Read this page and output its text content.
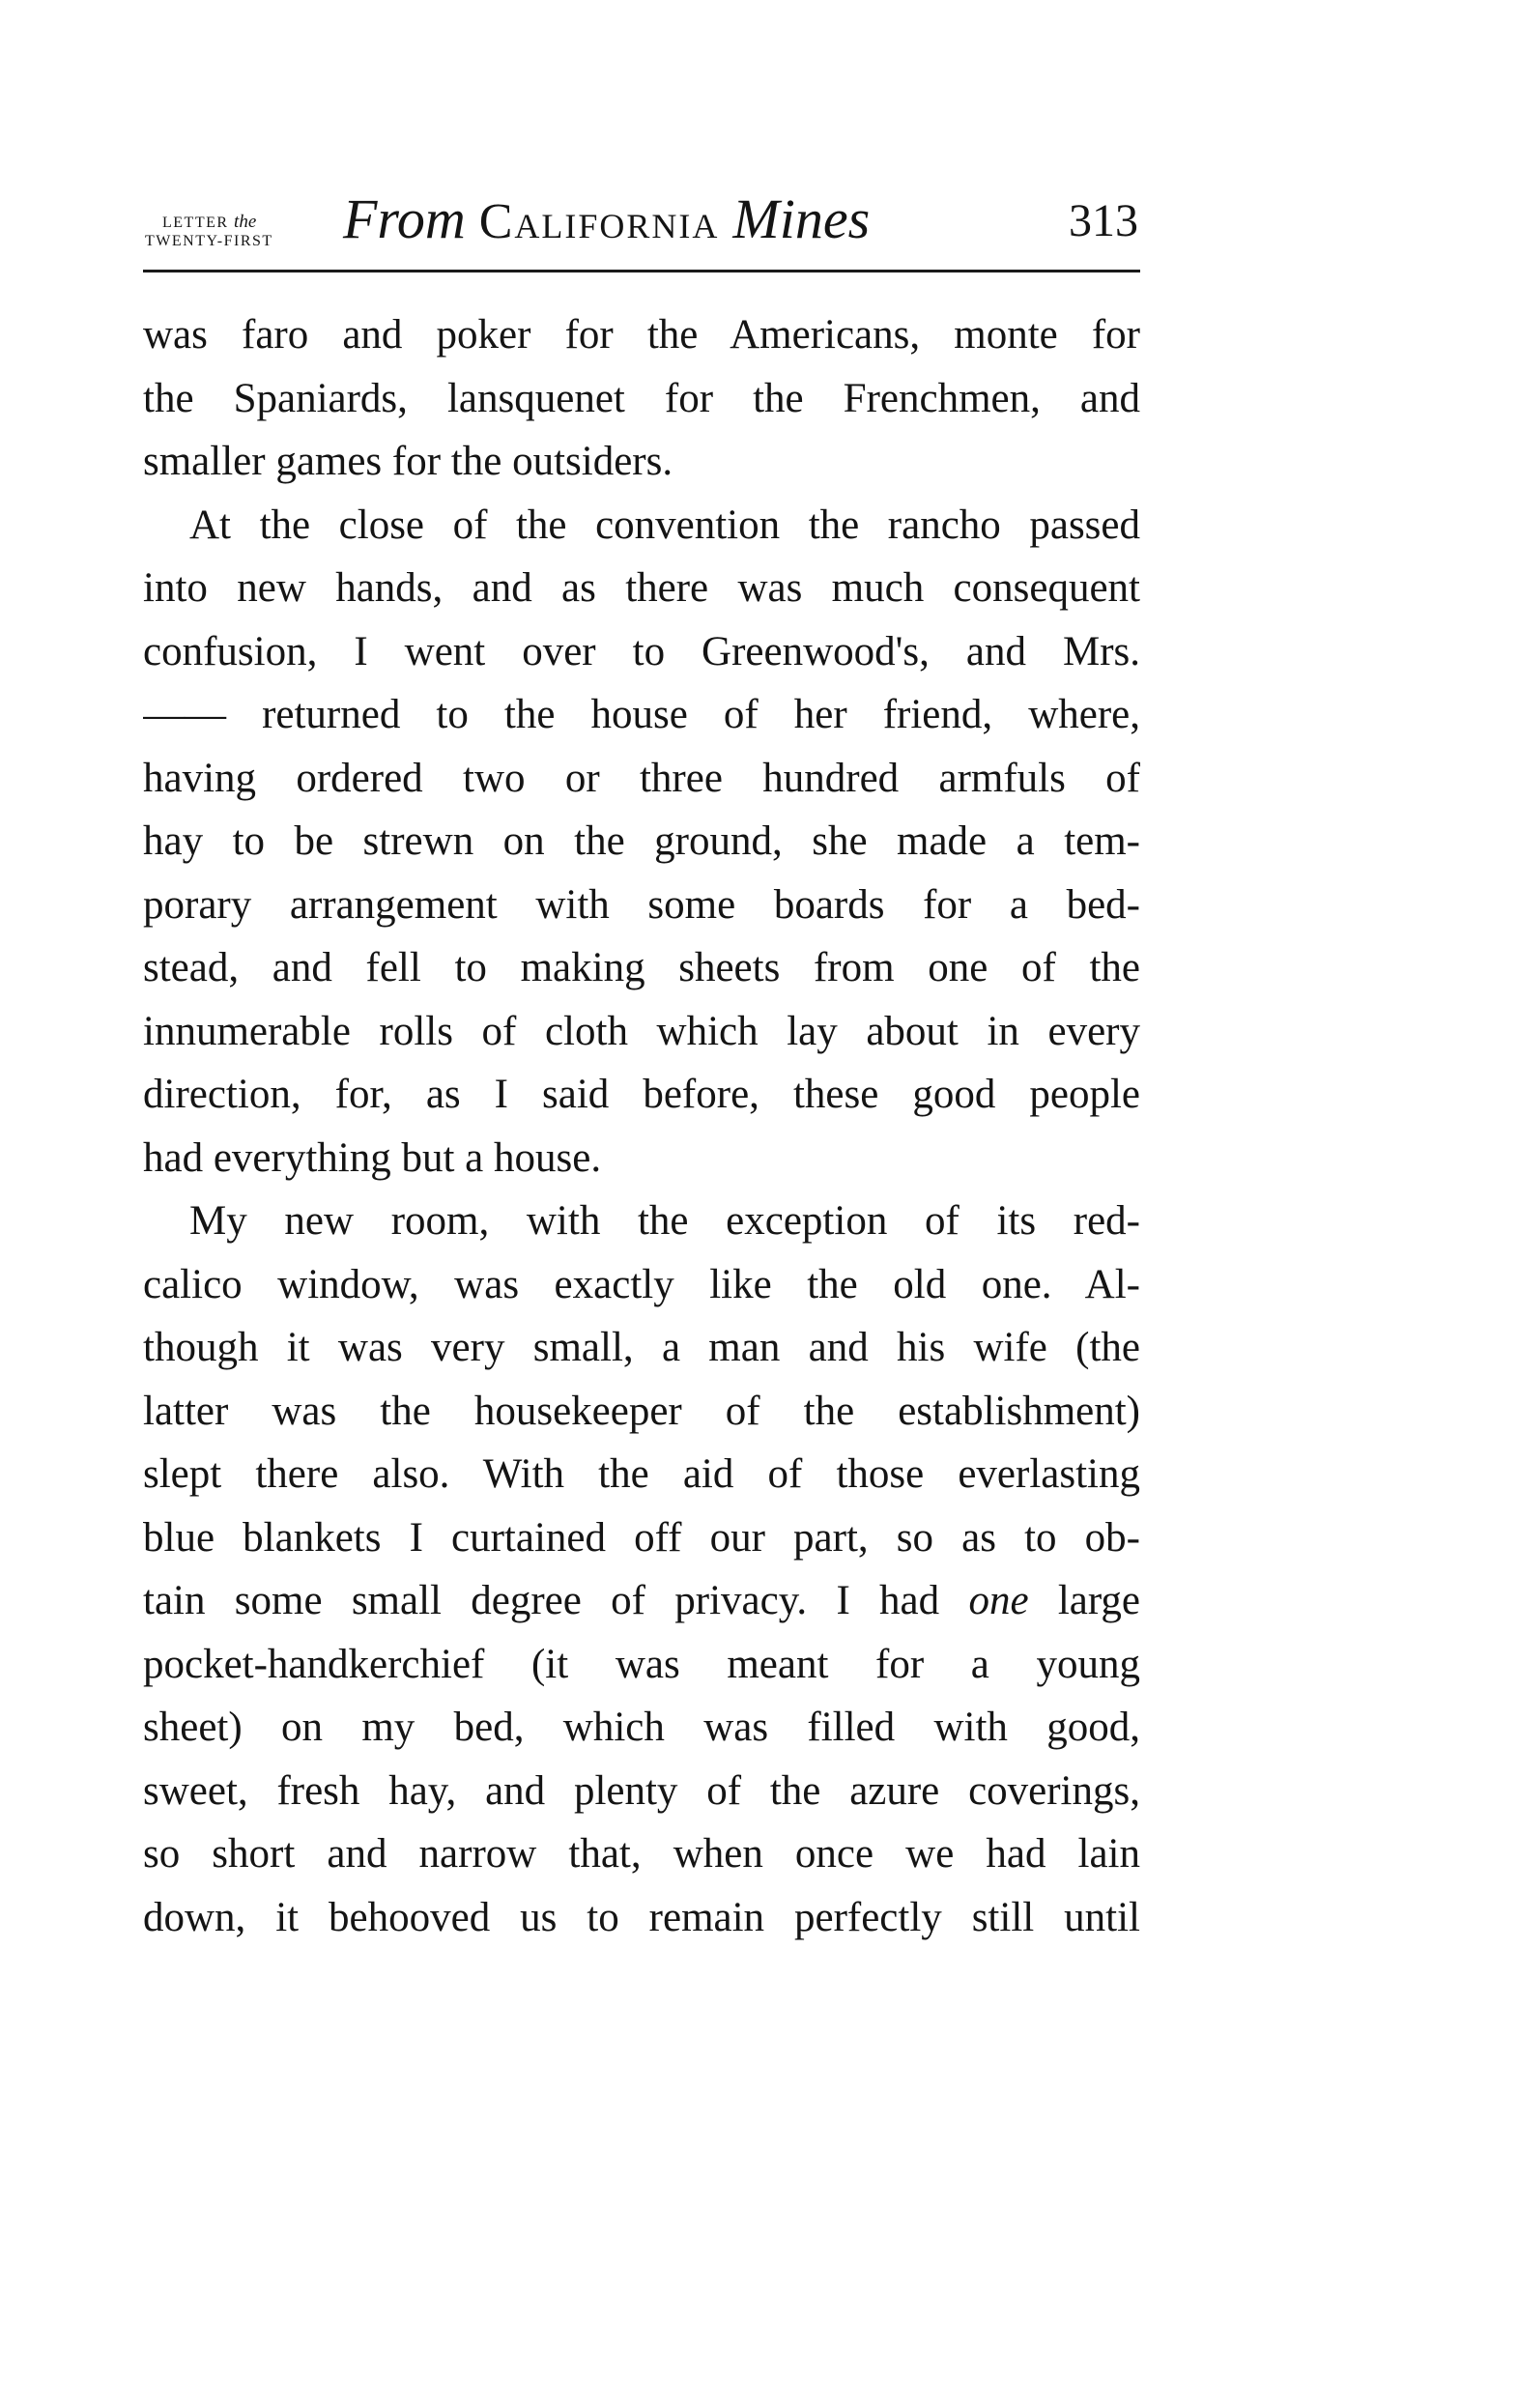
LETTER the
TWENTY-FIRST	From California Mines	313
was faro and poker for the Americans, monte for
the Spaniards, lansquenet for the Frenchmen, and
smaller games for the outsiders.
At the close of the convention the rancho passed
into new hands, and as there was much consequent
confusion, I went over to Greenwood's, and Mrs.
—— returned to the house of her friend, where,
having ordered two or three hundred armfuls of
hay to be strewn on the ground, she made a tem-
porary arrangement with some boards for a bed-
stead, and fell to making sheets from one of the
innumerable rolls of cloth which lay about in every
direction, for, as I said before, these good people
had everything but a house.
My new room, with the exception of its red-
calico window, was exactly like the old one. Al-
though it was very small, a man and his wife (the
latter was the housekeeper of the establishment)
slept there also. With the aid of those everlasting
blue blankets I curtained off our part, so as to ob-
tain some small degree of privacy. I had one large
pocket-handkerchief (it was meant for a young
sheet) on my bed, which was filled with good,
sweet, fresh hay, and plenty of the azure coverings,
so short and narrow that, when once we had lain
down, it behooved us to remain perfectly still until
